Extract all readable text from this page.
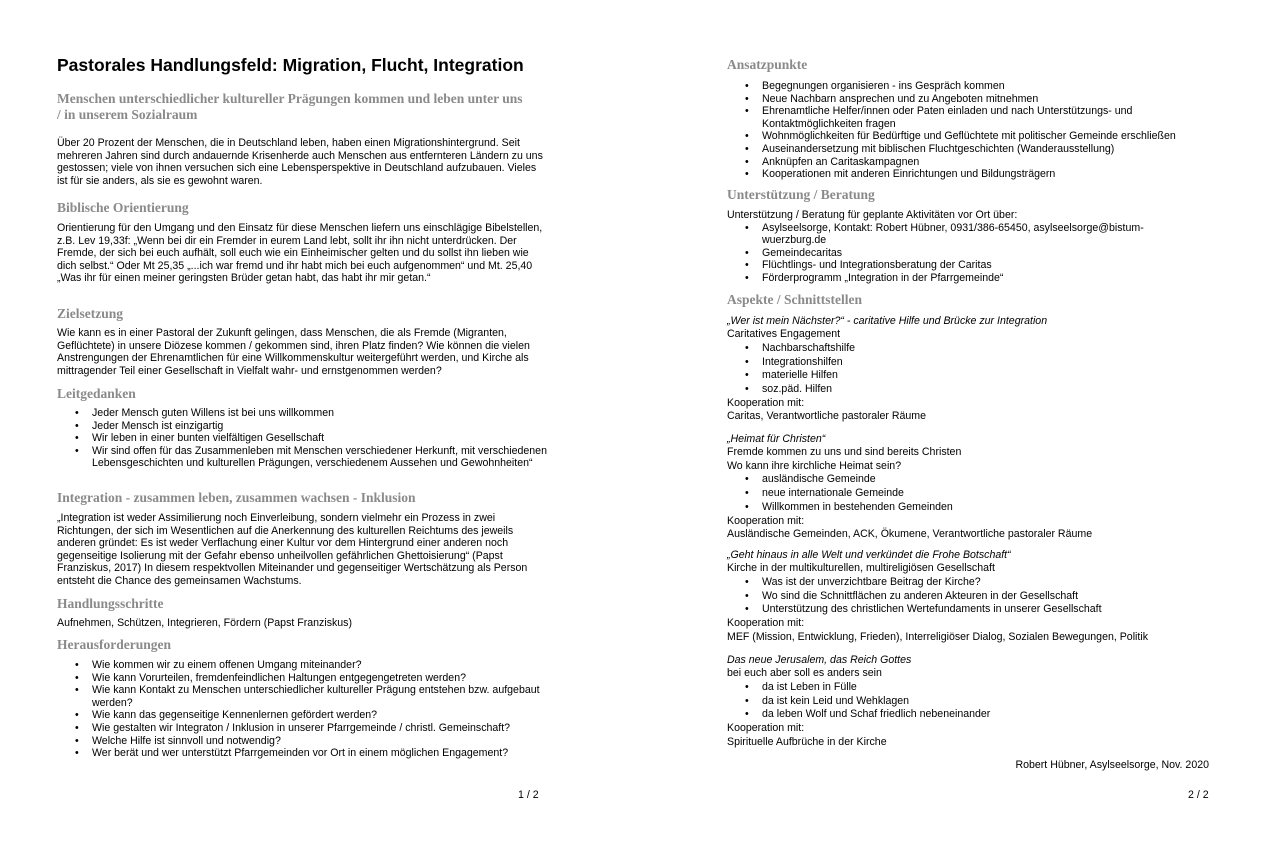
Pastorales Handlungsfeld: Migration, Flucht, Integration

Menschen unterschiedlicher kultureller Prägungen kommen und leben unter uns / in unserem Sozialraum

Über 20 Prozent der Menschen, die in Deutschland leben, haben einen Migrationshintergrund. Seit mehreren Jahren sind durch andauernde Krisenherde auch Menschen aus entfernteren Ländern zu uns gestossen; viele von ihnen versuchen sich eine Lebensperspektive in Deutschland aufzubauen. Vieles ist für sie anders, als sie es gewohnt waren.

Biblische Orientierung

Orientierung für den Umgang und den Einsatz für diese Menschen liefern uns einschlägige Bibelstellen, z.B. Lev 19,33f: „Wenn bei dir ein Fremder in eurem Land lebt, sollt ihr ihn nicht unterdrücken. Der Fremde, der sich bei euch aufhält, soll euch wie ein Einheimischer gelten und du sollst ihn lieben wie dich selbst.“ Oder Mt 25,35 „...ich war fremd und ihr habt mich bei euch aufgenommen“ und Mt. 25,40 „Was ihr für einen meiner geringsten Brüder getan habt, das habt ihr mir getan.“

Zielsetzung

Wie kann es in einer Pastoral der Zukunft gelingen, dass Menschen, die als Fremde (Migranten, Geflüchtete) in unsere Diözese kommen / gekommen sind, ihren Platz finden? Wie können die vielen Anstrengungen der Ehrenamtlichen für eine Willkommenskultur weitergeführt werden, und Kirche als mittragender Teil einer Gesellschaft in Vielfalt wahr- und ernstgenommen werden?

Leitgedanken

• Jeder Mensch guten Willens ist bei uns willkommen
• Jeder Mensch ist einzigartig
• Wir leben in einer bunten vielfältigen Gesellschaft
• Wir sind offen für das Zusammenleben mit Menschen verschiedener Herkunft, mit verschiedenen Lebensgeschichten und kulturellen Prägungen, verschiedenem Aussehen und Gewohnheiten“

Integration - zusammen leben, zusammen wachsen - Inklusion

„Integration ist weder Assimilierung noch Einverleibung, sondern vielmehr ein Prozess in zwei Richtungen, der sich im Wesentlichen auf die Anerkennung des kulturellen Reichtums des jeweils anderen gründet: Es ist weder Verflachung einer Kultur vor dem Hintergrund einer anderen noch gegenseitige Isolierung mit der Gefahr ebenso unheilvollen gefährlichen Ghettoisierung“ (Papst Franziskus, 2017) In diesem respektvollen Miteinander und gegenseitiger Wertschätzung als Person entsteht die Chance des gemeinsamen Wachstums.

Handlungsschritte

Aufnehmen, Schützen, Integrieren, Fördern (Papst Franziskus)

Herausforderungen

• Wie kommen wir zu einem offenen Umgang miteinander?
• Wie kann Vorurteilen, fremdenfeindlichen Haltungen entgegengetreten werden?
• Wie kann Kontakt zu Menschen unterschiedlicher kultureller Prägung entstehen bzw. aufgebaut werden?
• Wie kann das gegenseitige Kennenlernen gefördert werden?
• Wie gestalten wir Integraton / Inklusion in unserer Pfarrgemeinde / christl. Gemeinschaft?
• Welche Hilfe ist sinnvoll und notwendig?
• Wer berät und wer unterstützt Pfarrgemeinden vor Ort in einem möglichen Engagement?
1 / 2

Ansatzpunkte

• Begegnungen organisieren - ins Gespräch kommen
• Neue Nachbarn ansprechen und zu Angeboten mitnehmen
• Ehrenamtliche Helfer/innen oder Paten einladen und nach Unterstützungs- und Kontaktmöglichkeiten fragen
• Wohnmöglichkeiten für Bedürftige und Geflüchtete mit politischer Gemeinde erschließen
• Auseinandersetzung mit biblischen Fluchtgeschichten (Wanderausstellung)
• Anknüpfen an Caritaskampagnen
• Kooperationen mit anderen Einrichtungen und Bildungsträgern

Unterstützung / Beratung

Unterstützung / Beratung für geplante Aktivitäten vor Ort über:

• Asylseelsorge, Kontakt: Robert Hübner, 0931/386-65450, asylseelsorge@bistum-wuerzburg.de
• Gemeindecaritas
• Flüchtlings- und Integrationsberatung der Caritas
• Förderprogramm „Integration in der Pfarrgemeinde“

Aspekte / Schnittstellen

„Wer ist mein Nächster?“ - caritative Hilfe und Brücke zur Integration

Caritatives Engagement

• Nachbarschaftshilfe
• Integrationshilfen
• materielle Hilfen
• soz.päd. Hilfen

Kooperation mit:

Caritas, Verantwortliche pastoraler Räume

„Heimat für Christen“

Fremde kommen zu uns und sind bereits Christen

Wo kann ihre kirchliche Heimat sein?

• ausländische Gemeinde
• neue internationale Gemeinde
• Willkommen in bestehenden Gemeinden

Kooperation mit:

Ausländische Gemeinden, ACK, Ökumene, Verantwortliche pastoraler Räume

„Geht hinaus in alle Welt und verkündet die Frohe Botschaft“

Kirche in der multikulturellen, multireligiösen Gesellschaft

• Was ist der unverzichtbare Beitrag der Kirche?
• Wo sind die Schnittflächen zu anderen Akteuren in der Gesellschaft
• Unterstützung des christlichen Wertefundaments in unserer Gesellschaft

Kooperation mit:

MEF (Mission, Entwicklung, Frieden), Interreligiöser Dialog, Sozialen Bewegungen, Politik

Das neue Jerusalem, das Reich Gottes

bei euch aber soll es anders sein

• da ist Leben in Fülle
• da ist kein Leid und Wehklagen
• da leben Wolf und Schaf friedlich nebeneinander

Kooperation mit:

Spirituelle Aufbrüche in der Kirche

Robert Hübner, Asylseelsorge, Nov. 2020
2 / 2
